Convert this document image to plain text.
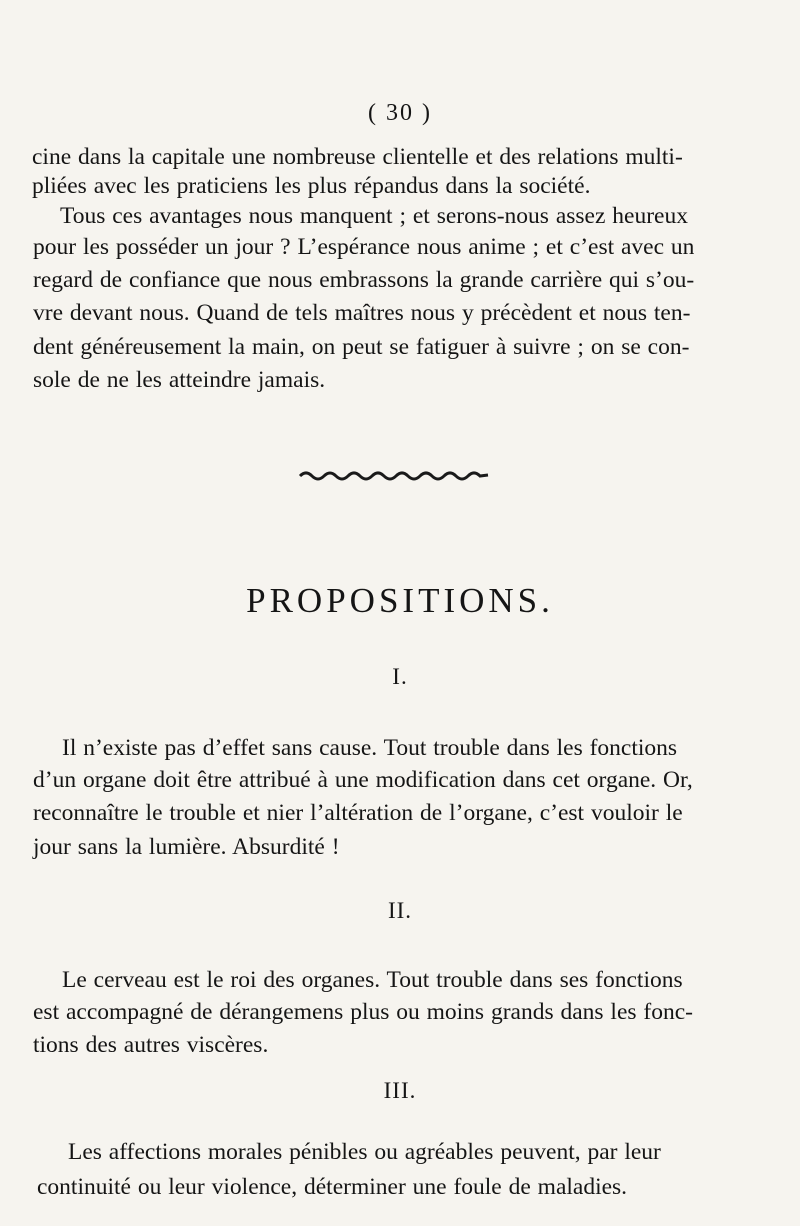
( 30 )
cine dans la capitale une nombreuse clientelle et des relations multi-
pliées avec les praticiens les plus répandus dans la société.
Tous ces avantages nous manquent ; et serons-nous assez heureux
pour les posséder un jour ? L’espérance nous anime ; et c’est avec un
regard de confiance que nous embrassons la grande carrière qui s’ou-
vre devant nous. Quand de tels maîtres nous y précèdent et nous ten-
dent généreusement la main, on peut se fatiguer à suivre ; on se con-
sole de ne les atteindre jamais.
PROPOSITIONS.
I.
Il n’existe pas d’effet sans cause. Tout trouble dans les fonctions
d’un organe doit être attribué à une modification dans cet organe. Or,
reconnaître le trouble et nier l’altération de l’organe, c’est vouloir le
jour sans la lumière. Absurdité !
II.
Le cerveau est le roi des organes. Tout trouble dans ses fonctions
est accompagné de dérangemens plus ou moins grands dans les fonc-
tions des autres viscères.
III.
Les affections morales pénibles ou agréables peuvent, par leur
continuité ou leur violence, déterminer une foule de maladies.
